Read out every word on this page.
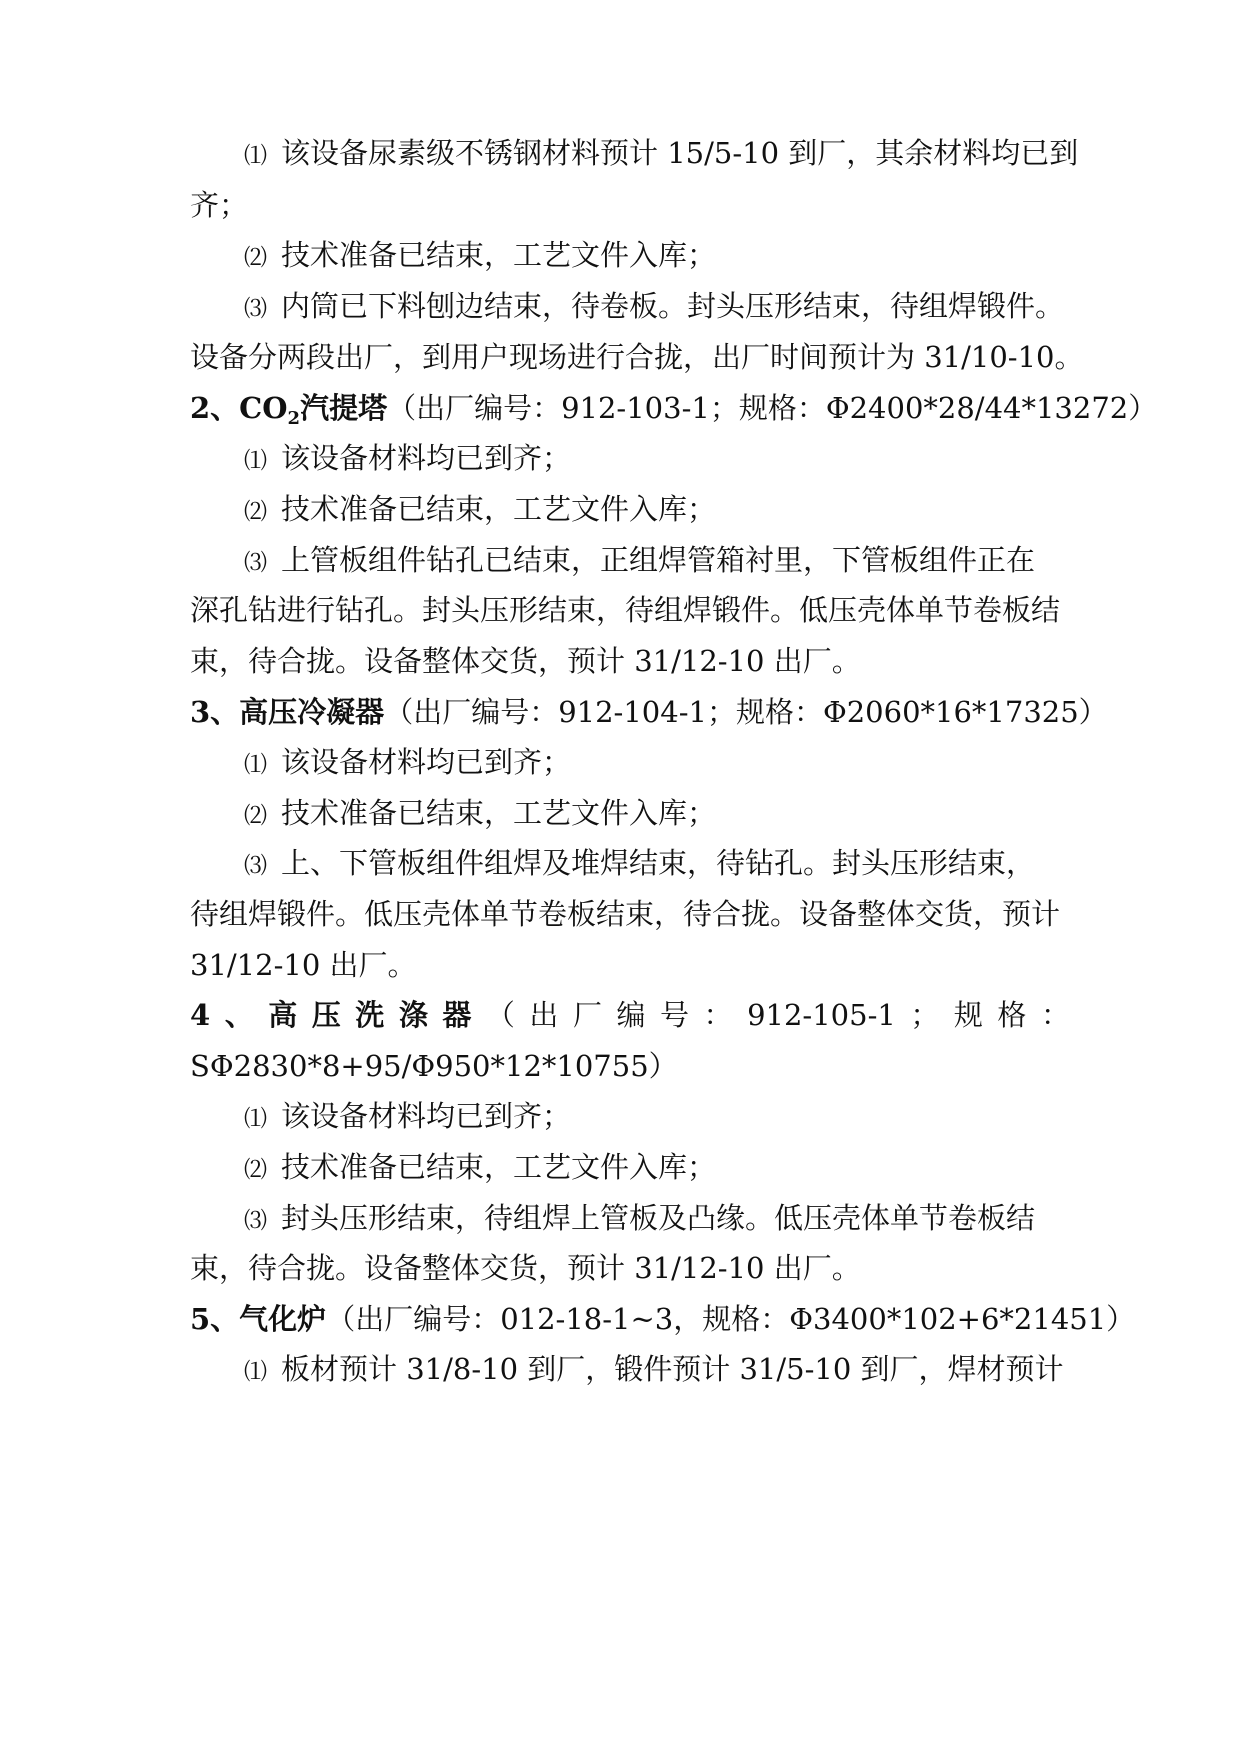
⑴ 该设备尿素级不锈钢材料预计 15/5-10 到厂，其余材料均已到
齐；
⑵ 技术准备已结束，工艺文件入库；
⑶ 内筒已下料刨边结束，待卷板。封头压形结束，待组焊锻件。
设备分两段出厂，到用户现场进行合拢，出厂时间预计为 31/10-10。
2、$CO_2$汽提塔（出厂编号：912-103-1；规格：Φ2400*28/44*13272）
⑴ 该设备材料均已到齐；
⑵ 技术准备已结束，工艺文件入库；
⑶ 上管板组件钻孔已结束，正组焊管箱衬里，下管板组件正在
深孔钻进行钻孔。封头压形结束，待组焊锻件。低压壳体单节卷板结
束，待合拢。设备整体交货，预计 31/12-10 出厂。
3、高压冷凝器（出厂编号：912-104-1；规格：Φ2060*16*17325）
⑴ 该设备材料均已到齐；
⑵ 技术准备已结束，工艺文件入库；
⑶ 上、下管板组件组焊及堆焊结束，待钻孔。封头压形结束，
待组焊锻件。低压壳体单节卷板结束，待合拢。设备整体交货，预计
31/12-10 出厂。
4 、 高 压 洗 涤 器 （ 出 厂 编 号 ： 912-105-1 ； 规 格 ：
SΦ2830*8+95/Φ950*12*10755）
⑴ 该设备材料均已到齐；
⑵ 技术准备已结束，工艺文件入库；
⑶ 封头压形结束，待组焊上管板及凸缘。低压壳体单节卷板结
束，待合拢。设备整体交货，预计 31/12-10 出厂。
5、气化炉（出厂编号：012-18-1~3，规格：Φ3400*102+6*21451）
⑴ 板材预计 31/8-10 到厂，锻件预计 31/5-10 到厂，焊材预计
